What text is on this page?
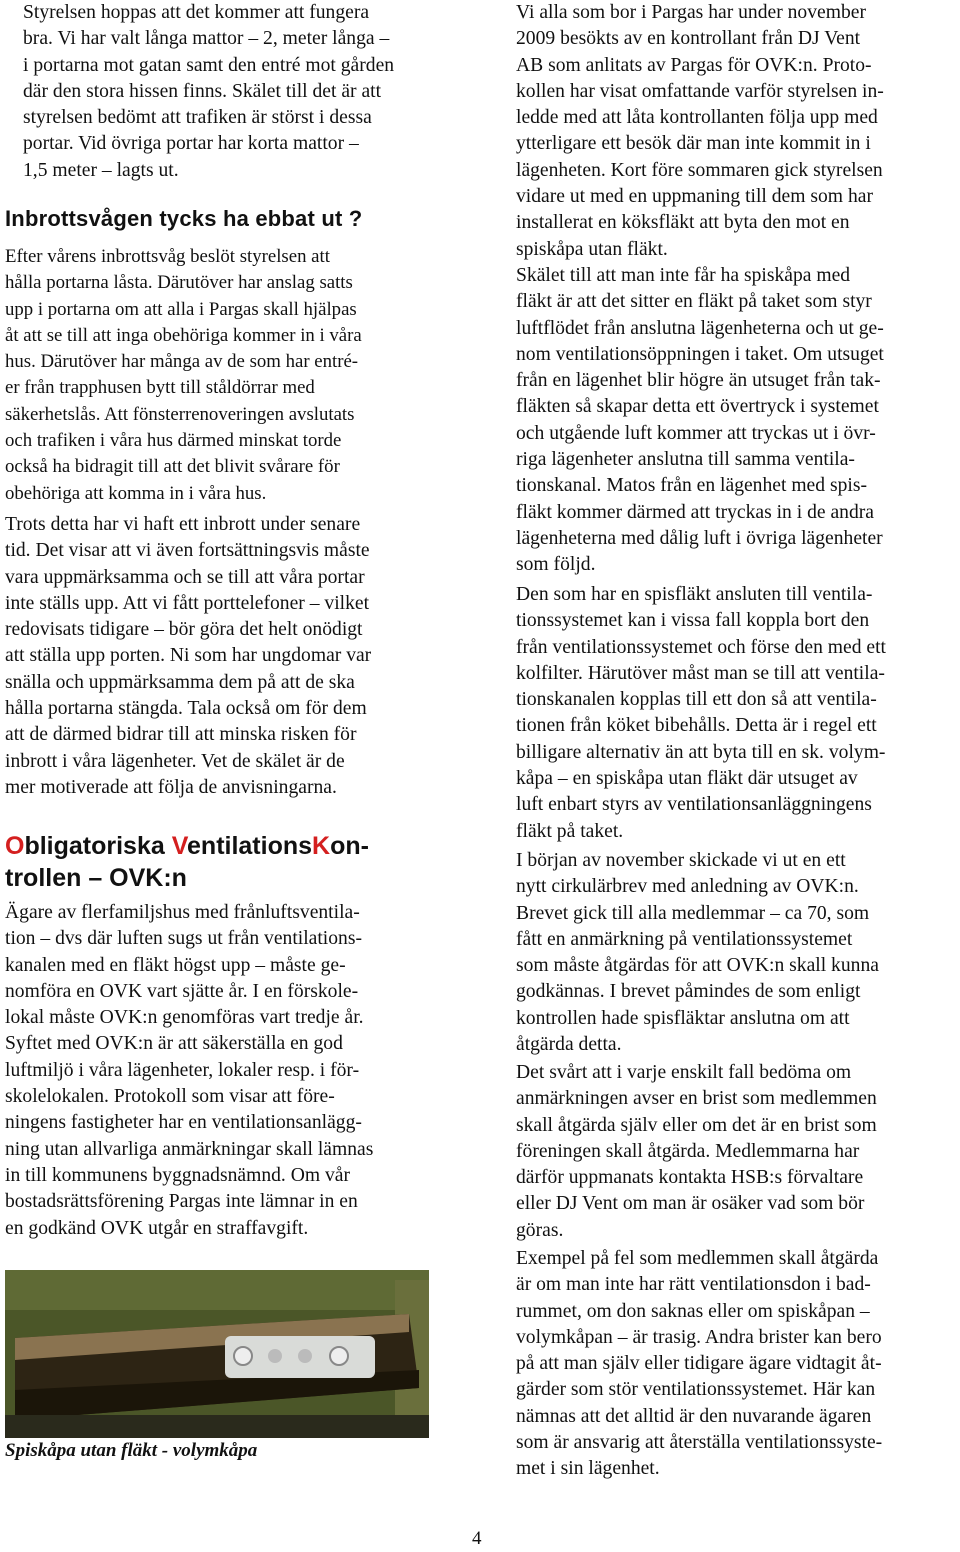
Styrelsen hoppas att det kommer att fungera
bra. Vi har valt långa mattor – 2, meter långa –
i portarna mot gatan samt den entré mot gården
där den stora hissen finns. Skälet till det är att
styrelsen bedömt att trafiken är störst i dessa
portar. Vid övriga portar har korta mattor –
1,5 meter – lagts ut.

Inbrottsvågen tycks ha ebbat ut ?

Efter vårens inbrottsvåg beslöt styrelsen att
hålla portarna låsta. Därutöver har anslag satts
upp i portarna om att alla i Pargas skall hjälpas
åt att se till att inga obehöriga kommer in i våra
hus. Därutöver har många av de som har entré-
er från trapphusen bytt till ståldörrar med
säkerhetslås. Att fönsterrenoveringen avslutats
och trafiken i våra hus därmed minskat torde
också ha bidragit till att det blivit svårare för
obehöriga att komma in i våra hus.

Trots detta har vi haft ett inbrott under senare
tid. Det visar att vi även fortsättningsvis måste
vara uppmärksamma och se till att våra portar
inte ställs upp. Att vi fått porttelefoner – vilket
redovisats tidigare – bör göra det helt onödigt
att ställa upp porten. Ni som har ungdomar var
snälla och uppmärksamma dem på att de ska
hålla portarna stängda. Tala också om för dem
att de därmed bidrar till att minska risken för
inbrott i våra lägenheter. Vet de skälet är de
mer motiverade att följa de anvisningarna.

Obligatoriska VentilationsKon-
trollen – OVK:n

Ägare av flerfamiljshus med frånluftsventila-
tion – dvs där luften sugs ut från ventilations-
kanalen med en fläkt högst upp – måste ge-
nomföra en OVK vart sjätte år. I en förskole-
lokal måste OVK:n genomföras vart tredje år.
Syftet med OVK:n är att säkerställa en god
luftmiljö i våra lägenheter, lokaler resp. i för-
skolelokalen. Protokoll som visar att före-
ningens fastigheter har en ventilationsanlägg-
ning utan allvarliga anmärkningar skall lämnas
in till kommunens byggnadsnämnd. Om vår
bostadsrättsförening Pargas inte lämnar in en
en godkänd OVK utgår en straffavgift.

Spiskåpa utan fläkt - volymkåpa

Vi alla som bor i Pargas har under november
2009 besökts av en kontrollant från DJ Vent
AB som anlitats av Pargas för OVK:n. Proto-
kollen har visat omfattande varför styrelsen in-
ledde med att låta kontrollanten följa upp med
ytterligare ett besök där man inte kommit in i
lägenheten. Kort före sommaren gick styrelsen
vidare ut med en uppmaning till dem som har
installerat en köksfläkt att byta den mot en
spiskåpa utan fläkt.

Skälet till att man inte får ha spiskåpa med
fläkt är att det sitter en fläkt på taket som styr
luftflödet från anslutna lägenheterna och ut ge-
nom ventilationsöppningen i taket. Om utsuget
från en lägenhet blir högre än utsuget från tak-
fläkten så skapar detta ett övertryck i systemet
och utgående luft kommer att tryckas ut i övr-
riga lägenheter anslutna till samma ventila-
tionskanal. Matos från en lägenhet med spis-
fläkt kommer därmed att tryckas in i de andra
lägenheterna med dålig luft i övriga lägenheter
som följd.

Den som har en spisfläkt ansluten till ventila-
tionssystemet kan i vissa fall koppla bort den
från ventilationssystemet och förse den med ett
kolfilter. Härutöver måst man se till att ventila-
tionskanalen kopplas till ett don så att ventila-
tionen från köket bibehålls. Detta är i regel ett
billigare alternativ än att byta till en sk. volym-
kåpa – en spiskåpa utan fläkt där utsuget av
luft enbart styrs av ventilationsanläggningens
fläkt på taket.

I början av november skickade vi ut en ett
nytt cirkulärbrev med anledning av OVK:n.
Brevet gick till alla medlemmar – ca 70, som
fått en anmärkning på ventilationssystemet
som måste åtgärdas för att OVK:n skall kunna
godkännas. I brevet påmindes de som enligt
kontrollen hade spisfläktar anslutna om att
åtgärda detta.

Det svårt att i varje enskilt fall bedöma om
anmärkningen avser en brist som medlemmen
skall åtgärda själv eller om det är en brist som
föreningen skall åtgärda. Medlemmarna har
därför uppmanats kontakta HSB:s förvaltare
eller DJ Vent om man är osäker vad som bör
göras.

Exempel på fel som medlemmen skall åtgärda
är om man inte har rätt ventilationsdon i bad-
rummet, om don saknas eller om spiskåpan –
volymkåpan – är trasig. Andra brister kan bero
på att man själv eller tidigare ägare vidtagit åt-
gärder som stör ventilationssystemet. Här kan
nämnas att det alltid är den nuvarande ägaren
som är ansvarig att återställa ventilationssyste-
met i sin lägenhet.

4
